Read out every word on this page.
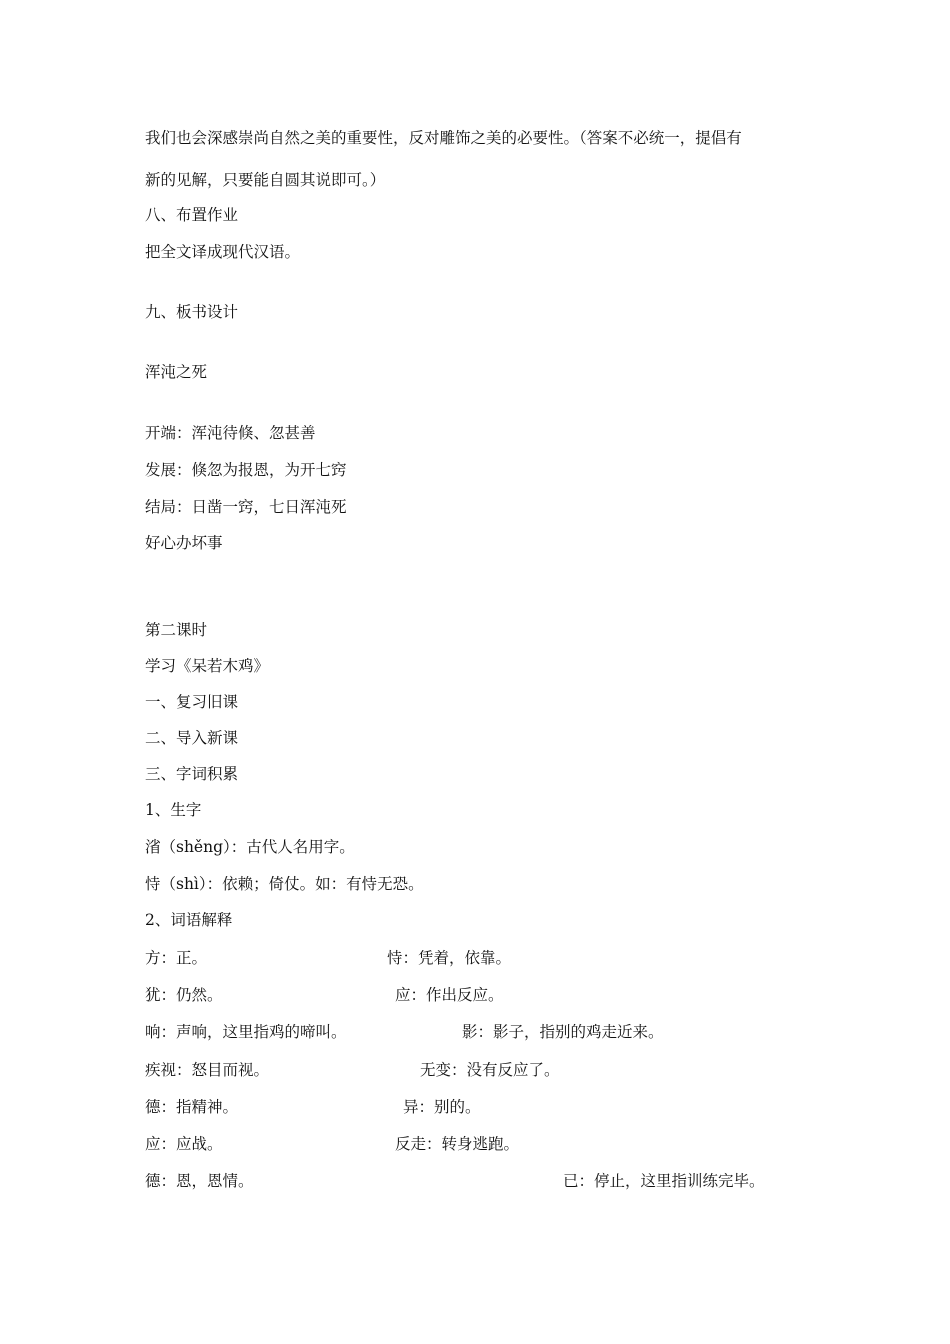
我们也会深感崇尚自然之美的重要性，反对雕饰之美的必要性。（答案不必统一，提倡有
新的见解，只要能自圆其说即可。）
八、布置作业
把全文译成现代汉语。
九、板书设计
浑沌之死
开端：浑沌待倏、忽甚善
发展：倏忽为报恩，为开七窍
结局：日凿一窍，七日浑沌死
好心办坏事
第二课时
学习《呆若木鸡》
一、复习旧课
二、导入新课
三、字词积累
1、生字
渻（shěng）：古代人名用字。
恃（shì）：依赖；倚仗。如：有恃无恐。
2、词语解释
方：正。	恃：凭着，依靠。
犹：仍然。	应：作出反应。
响：声响，这里指鸡的啼叫。	影：影子，指别的鸡走近来。
疾视：怒目而视。	无变：没有反应了。
德：指精神。	异：别的。
应：应战。	反走：转身逃跑。
德：恩，恩情。	已：停止，这里指训练完毕。
